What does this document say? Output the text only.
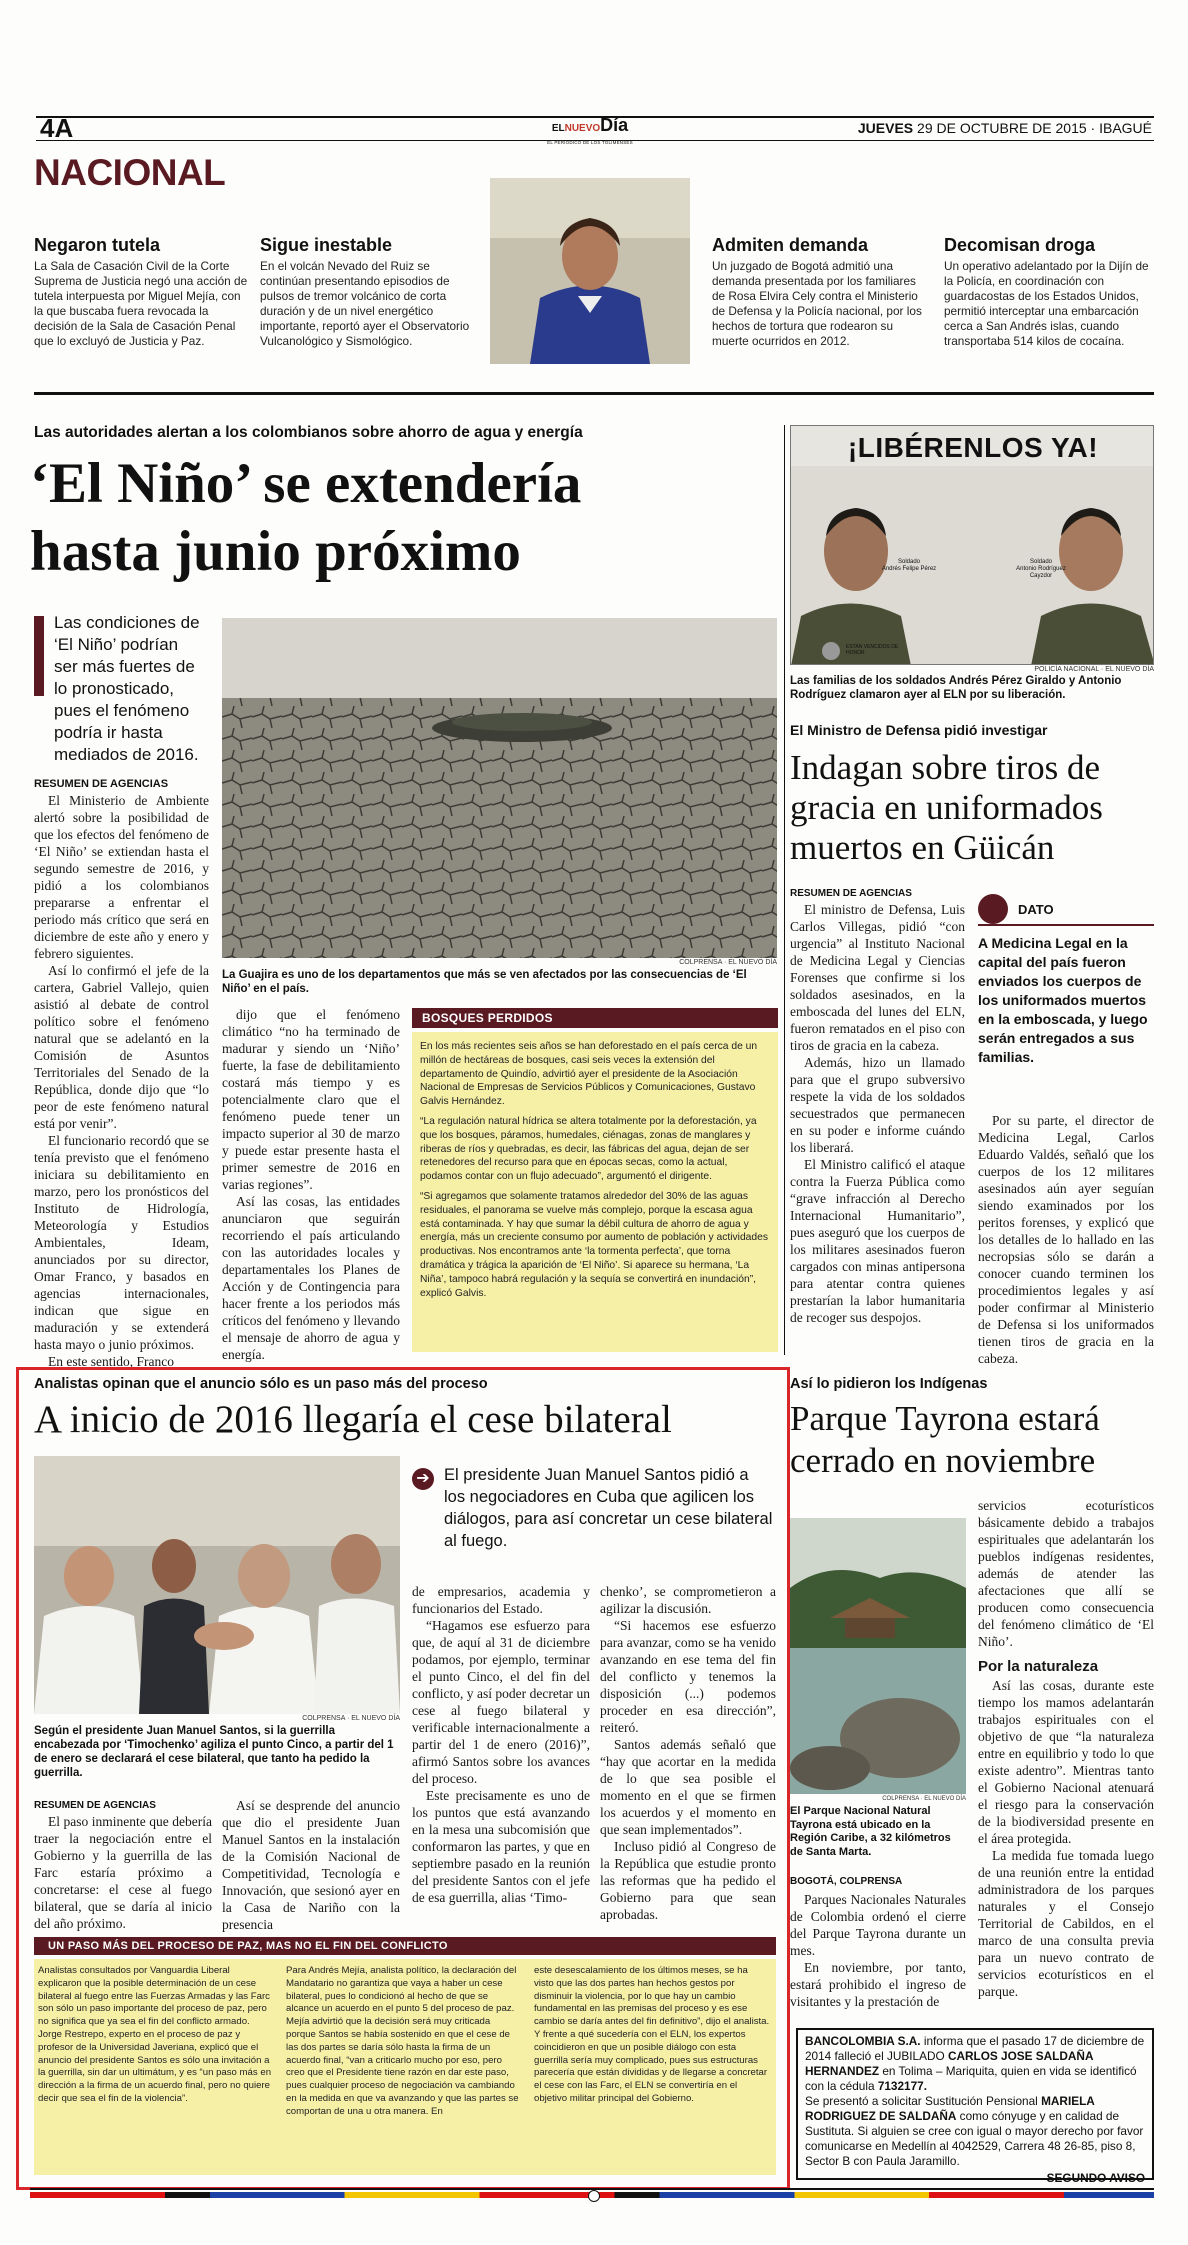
4A	ELNUEVODía
EL PERIÓDICO DE LOS TOLIMENSES
JUEVES 29 DE OCTUBRE DE 2015 · IBAGUÉ
NACIONAL
Negaron tutela

La Sala de Casación Civil de la Corte Suprema de Justicia negó una acción de tutela interpuesta por Miguel Mejía, con la que buscaba fuera revocada la decisión de la Sala de Casación Penal que lo excluyó de Justicia y Paz.

Sigue inestable

En el volcán Nevado del Ruiz se continúan presentando episodios de pulsos de tremor volcánico de corta duración y de un nivel energético importante, reportó ayer el Observatorio Vulcanológico y Sismológico.

Admiten demanda

Un juzgado de Bogotá admitió una demanda presentada por los familiares de Rosa Elvira Cely contra el Ministerio de Defensa y la Policía nacional, por los hechos de tortura que rodearon su muerte ocurridos en 2012.

Decomisan droga

Un operativo adelantado por la Dijín de la Policía, en coordinación con guardacostas de los Estados Unidos, permitió interceptar una embarcación cerca a San Andrés islas, cuando transportaba 514 kilos de cocaína.

Las autoridades alertan a los colombianos sobre ahorro de agua y energía
‘El Niño’ se extendería
hasta junio próximo
Las condiciones de ‘El Niño’ podrían ser más fuertes de lo pronosticado, pues el fenómeno podría ir hasta mediados de 2016.
COLPRENSA · EL NUEVO DÍA
La Guajira es uno de los departamentos que más se ven afectados por las consecuencias de ‘El Niño’ en el país.
RESUMEN DE AGENCIAS

El Ministerio de Ambiente alertó sobre la posibilidad de que los efectos del fenómeno de ‘El Niño’ se extiendan hasta el segundo semestre de 2016, y pidió a los colombianos prepararse a enfrentar el periodo más crítico que será en diciembre de este año y enero y febrero siguientes.

Así lo confirmó el jefe de la cartera, Gabriel Vallejo, quien asistió al debate de control político sobre el fenómeno natural que se adelantó en la Comisión de Asuntos Territoriales del Senado de la República, donde dijo que “lo peor de este fenómeno natural está por venir”.

El funcionario recordó que se tenía previsto que el fenómeno iniciara su debilitamiento en marzo, pero los pronósticos del Instituto de Hidrología, Meteorología y Estudios Ambientales, Ideam, anunciados por su director, Omar Franco, y basados en agencias internacionales, indican que sigue en maduración y se extenderá hasta mayo o junio próximos.

En este sentido, Franco

dijo que el fenómeno climático “no ha terminado de madurar y siendo un ‘Niño’ fuerte, la fase de debilitamiento costará más tiempo y es potencialmente claro que el fenómeno puede tener un impacto superior al 30 de marzo y puede estar presente hasta el primer semestre de 2016 en varias regiones”.

Así las cosas, las entidades anunciaron que seguirán recorriendo el país articulando con las autoridades locales y departamentales los Planes de Acción y de Contingencia para hacer frente a los periodos más críticos del fenómeno y llevando el mensaje de ahorro de agua y energía.

BOSQUES PERDIDOS

En los más recientes seis años se han deforestado en el país cerca de un millón de hectáreas de bosques, casi seis veces la extensión del departamento de Quindío, advirtió ayer el presidente de la Asociación Nacional de Empresas de Servicios Públicos y Comunicaciones, Gustavo Galvis Hernández.

“La regulación natural hídrica se altera totalmente por la deforestación, ya que los bosques, páramos, humedales, ciénagas, zonas de manglares y riberas de ríos y quebradas, es decir, las fábricas del agua, dejan de ser retenedores del recurso para que en épocas secas, como la actual, podamos contar con un flujo adecuado”, argumentó el dirigente.

“Si agregamos que solamente tratamos alrededor del 30% de las aguas residuales, el panorama se vuelve más complejo, porque la escasa agua está contaminada. Y hay que sumar la débil cultura de ahorro de agua y energía, más un creciente consumo por aumento de población y actividades productivas. Nos encontramos ante ‘la tormenta perfecta’, que torna dramática y trágica la aparición de ‘El Niño’. Si aparece su hermana, ‘La Niña’, tampoco habrá regulación y la sequía se convertirá en inundación”, explicó Galvis.

¡LIBÉRENLOS YA!
Soldado
Andrés Felipe Pérez
Soldado
Antonio Rodríguez Cayzdor
ESTAN VENCIDOS DE HONOR
POLICÍA NACIONAL · EL NUEVO DÍA
Las familias de los soldados Andrés Pérez Giraldo y Antonio Rodríguez clamaron ayer al ELN por su liberación.
El Ministro de Defensa pidió investigar
Indagan sobre tiros de gracia en uniformados muertos en Güicán
RESUMEN DE AGENCIAS

El ministro de Defensa, Luis Carlos Villegas, pidió “con urgencia” al Instituto Nacional de Medicina Legal y Ciencias Forenses que confirme si los soldados asesinados, en la emboscada del lunes del ELN, fueron rematados en el piso con tiros de gracia en la cabeza.

Además, hizo un llamado para que el grupo subversivo respete la vida de los soldados secuestrados que permanecen en su poder e informe cuándo los liberará.

El Ministro calificó el ataque contra la Fuerza Pública como “grave infracción al Derecho Internacional Humanitario”, pues aseguró que los cuerpos de los militares asesinados fueron cargados con minas antipersona para atentar contra quienes prestarían la labor humanitaria de recoger sus despojos.

DATO
A Medicina Legal en la capital del país fueron enviados los cuerpos de los uniformados muertos en la emboscada, y luego serán entregados a sus familias.

Por su parte, el director de Medicina Legal, Carlos Eduardo Valdés, señaló que los cuerpos de los 12 militares asesinados aún ayer seguían siendo examinados por los peritos forenses, y explicó que los detalles de lo hallado en las necropsias sólo se darán a conocer cuando terminen los procedimientos legales y así poder confirmar al Ministerio de Defensa si los uniformados tienen tiros de gracia en la cabeza.

Analistas opinan que el anuncio sólo es un paso más del proceso
A inicio de 2016 llegaría el cese bilateral
COLPRENSA · EL NUEVO DÍA
Según el presidente Juan Manuel Santos, si la guerrilla encabezada por ‘Timochenko’ agiliza el punto Cinco, a partir del 1 de enero se declarará el cese bilateral, que tanto ha pedido la guerrilla.
➔ El presidente Juan Manuel Santos pidió a los negociadores en Cuba que agilicen los diálogos, para así concretar un cese bilateral al fuego.
RESUMEN DE AGENCIAS

El paso inminente que debería traer la negociación entre el Gobierno y la guerrilla de las Farc estaría próximo a concretarse: el cese al fuego bilateral, que se daría al inicio del año próximo.

Así se desprende del anuncio que dio el presidente Juan Manuel Santos en la instalación de la Comisión Nacional de Competitividad, Tecnología e Innovación, que sesionó ayer en la Casa de Nariño con la presencia

de empresarios, academia y funcionarios del Estado.

“Hagamos ese esfuerzo para que, de aquí al 31 de diciembre podamos, por ejemplo, terminar el punto Cinco, el del fin del conflicto, y así poder decretar un cese al fuego bilateral y verificable internacionalmente a partir del 1 de enero (2016)”, afirmó Santos sobre los avances del proceso.

Este precisamente es uno de los puntos que está avanzando en la mesa una subcomisión que conformaron las partes, y que en septiembre pasado en la reunión del presidente Santos con el jefe de esa guerrilla, alias ‘Timo-

chenko’, se comprometieron a agilizar la discusión.

“Si hacemos ese esfuerzo para avanzar, como se ha venido avanzando en ese tema del fin del conflicto y tenemos la disposición (...) podemos proceder en esa dirección”, reiteró.

Santos además señaló que “hay que acortar en la medida de lo que sea posible el momento en el que se firmen los acuerdos y el momento en que sean implementados”.

Incluso pidió al Congreso de la República que estudie pronto las reformas que ha pedido el Gobierno para que sean aprobadas.

UN PASO MÁS DEL PROCESO DE PAZ, MAS NO EL FIN DEL CONFLICTO

Analistas consultados por Vanguardia Liberal explicaron que la posible determinación de un cese bilateral al fuego entre las Fuerzas Armadas y las Farc son sólo un paso importante del proceso de paz, pero no significa que ya sea el fin del conflicto armado.

Jorge Restrepo, experto en el proceso de paz y profesor de la Universidad Javeriana, explicó que el anuncio del presidente Santos es sólo una invitación a la guerrilla, sin dar un ultimátum, y es “un paso más en dirección a la firma de un acuerdo final, pero no quiere decir que sea el fin de la violencia”.

Para Andrés Mejía, analista político, la declaración del Mandatario no garantiza que vaya a haber un cese bilateral, pues lo condicionó al hecho de que se alcance un acuerdo en el punto 5 del proceso de paz. Mejía advirtió que la decisión será muy criticada porque Santos se había sostenido en que el cese de las dos partes se daría sólo hasta la firma de un acuerdo final, “van a criticarlo mucho por eso, pero creo que el Presidente tiene razón en dar este paso, pues cualquier proceso de negociación va cambiando en la medida en que va avanzando y que las partes se comportan de una u otra manera. En

este desescalamiento de los últimos meses, se ha visto que las dos partes han hechos gestos por disminuir la violencia, por lo que hay un cambio fundamental en las premisas del proceso y es ese cambio se daría antes del fin definitivo”, dijo el analista.

Y frente a qué sucedería con el ELN, los expertos coincidieron en que un posible diálogo con esta guerrilla sería muy complicado, pues sus estructuras parecería que están divididas y de llegarse a concretar el cese con las Farc, el ELN se convertiría en el objetivo militar principal del Gobierno.

Así lo pidieron los Indígenas
Parque Tayrona estará cerrado en noviembre
COLPRENSA · EL NUEVO DÍA
El Parque Nacional Natural Tayrona está ubicado en la Región Caribe, a 32 kilómetros de Santa Marta.
BOGOTÁ, COLPRENSA

Parques Nacionales Naturales de Colombia ordenó el cierre del Parque Tayrona durante un mes.

En noviembre, por tanto, estará prohibido el ingreso de visitantes y la prestación de

servicios ecoturísticos básicamente debido a trabajos espirituales que adelantarán los pueblos indígenas residentes, además de atender las afectaciones que allí se producen como consecuencia del fenómeno climático de ‘El Niño’.

Por la naturaleza

Así las cosas, durante este tiempo los mamos adelantarán trabajos espirituales con el objetivo de que “la naturaleza entre en equilibrio y todo lo que existe adentro”. Mientras tanto el Gobierno Nacional atenuará el riesgo para la conservación de la biodiversidad presente en el área protegida.

La medida fue tomada luego de una reunión entre la entidad administradora de los parques naturales y el Consejo Territorial de Cabildos, en el marco de una consulta previa para un nuevo contrato de servicios ecoturísticos en el parque.

BANCOLOMBIA S.A. informa que el pasado 17 de diciembre de 2014 falleció el JUBILADO CARLOS JOSE SALDAÑA HERNANDEZ en Tolima – Mariquita, quien en vida se identificó con la cédula 7132177.
Se presentó a solicitar Sustitución Pensional MARIELA RODRIGUEZ DE SALDAÑA como cónyuge y en calidad de Sustituta. Si alguien se cree con igual o mayor derecho por favor comunicarse en Medellín al 4042529, Carrera 48 26-85, piso 8, Sector B con Paula Jaramillo.
SEGUNDO AVISO
